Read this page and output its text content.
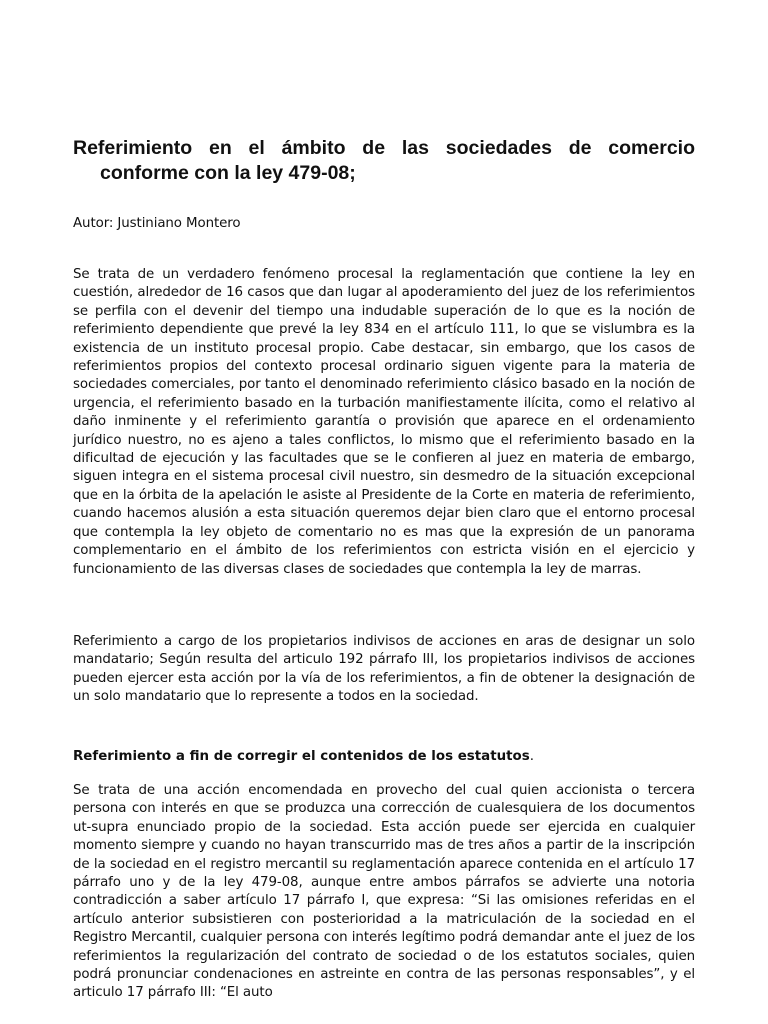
Referimiento en el ámbito de las sociedades de comercio
conforme con la ley 479-08;

Autor: Justiniano Montero

Se trata de un verdadero fenómeno procesal la reglamentación que contiene la ley en cuestión, alrededor de 16 casos que dan lugar al apoderamiento del juez de los referimientos se perfila con el devenir del tiempo una indudable superación de lo que es la noción de referimiento dependiente que prevé la ley 834 en el artículo 111, lo que se vislumbra es la existencia de un instituto procesal propio. Cabe destacar, sin embargo, que los casos de referimientos propios del contexto procesal ordinario siguen vigente para la materia de sociedades comerciales, por tanto el denominado referimiento clásico basado en la noción de urgencia, el referimiento basado en la turbación manifiestamente ilícita, como el relativo al daño inminente y el referimiento garantía o provisión que aparece en el ordenamiento jurídico nuestro, no es ajeno a tales conflictos, lo mismo que el referimiento basado en la dificultad de ejecución y las facultades que se le confieren al juez en materia de embargo, siguen integra en el sistema procesal civil nuestro, sin desmedro de la situación excepcional que en la órbita de la apelación le asiste al Presidente de la Corte en materia de referimiento, cuando hacemos alusión a esta situación queremos dejar bien claro que el entorno procesal que contempla la ley objeto de comentario no es mas que la expresión de un panorama complementario en el ámbito de los referimientos con estricta visión en el ejercicio y funcionamiento de las diversas clases de sociedades que contempla la ley de marras.

Referimiento a cargo de los propietarios indivisos de acciones en aras de designar un solo mandatario; Según resulta del articulo 192 párrafo III, los propietarios indivisos de acciones pueden ejercer esta acción por la vía de los referimientos, a fin de obtener la designación de un solo mandatario que lo represente a todos en la sociedad.

Referimiento a fin de corregir el contenidos de los estatutos.

Se trata de una acción encomendada en provecho del cual quien accionista o tercera persona con interés en que se produzca una corrección de cualesquiera de los documentos ut-supra enunciado propio de la sociedad. Esta acción puede ser ejercida en cualquier momento siempre y cuando no hayan transcurrido mas de tres años a partir de la inscripción de la sociedad en el registro mercantil su reglamentación aparece contenida en el artículo 17 párrafo uno y de la ley 479-08, aunque entre ambos párrafos se advierte una notoria contradicción a saber artículo 17 párrafo I, que expresa: “Si las omisiones referidas en el artículo anterior subsistieren con posterioridad a la matriculación de la sociedad en el Registro Mercantil, cualquier persona con interés legítimo podrá demandar ante el juez de los referimientos la regularización del contrato de sociedad o de los estatutos sociales, quien podrá pronunciar condenaciones en astreinte en contra de las personas responsables”, y el articulo 17 párrafo III: “El auto
